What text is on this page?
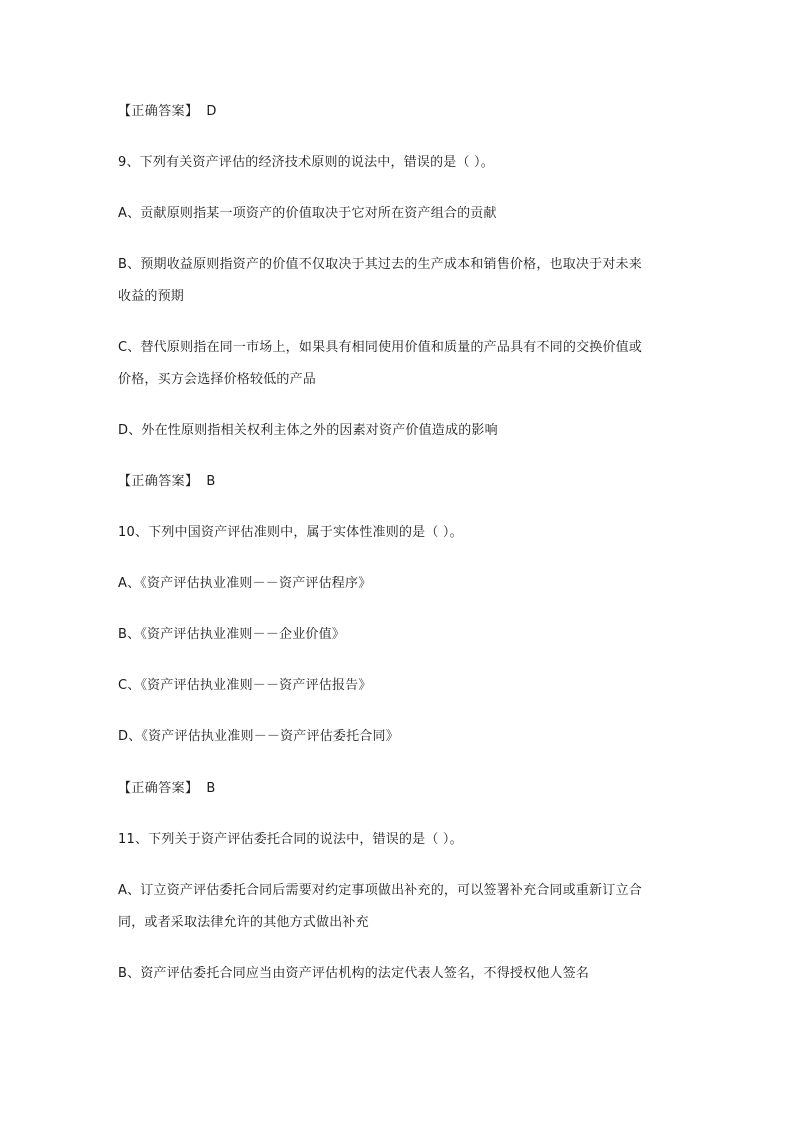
【正确答案】 D
9、下列有关资产评估的经济技术原则的说法中，错误的是（ ）。
A、贡献原则指某一项资产的价值取决于它对所在资产组合的贡献
B、预期收益原则指资产的价值不仅取决于其过去的生产成本和销售价格，也取决于对未来
收益的预期
C、替代原则指在同一市场上，如果具有相同使用价值和质量的产品具有不同的交换价值或
价格，买方会选择价格较低的产品
D、外在性原则指相关权利主体之外的因素对资产价值造成的影响
【正确答案】 B
10、下列中国资产评估准则中，属于实体性准则的是（ ）。
A、《资产评估执业准则－－资产评估程序》
B、《资产评估执业准则－－企业价值》
C、《资产评估执业准则－－资产评估报告》
D、《资产评估执业准则－－资产评估委托合同》
【正确答案】 B
11、下列关于资产评估委托合同的说法中，错误的是（ ）。
A、订立资产评估委托合同后需要对约定事项做出补充的，可以签署补充合同或重新订立合
同，或者采取法律允许的其他方式做出补充
B、资产评估委托合同应当由资产评估机构的法定代表人签名，不得授权他人签名
